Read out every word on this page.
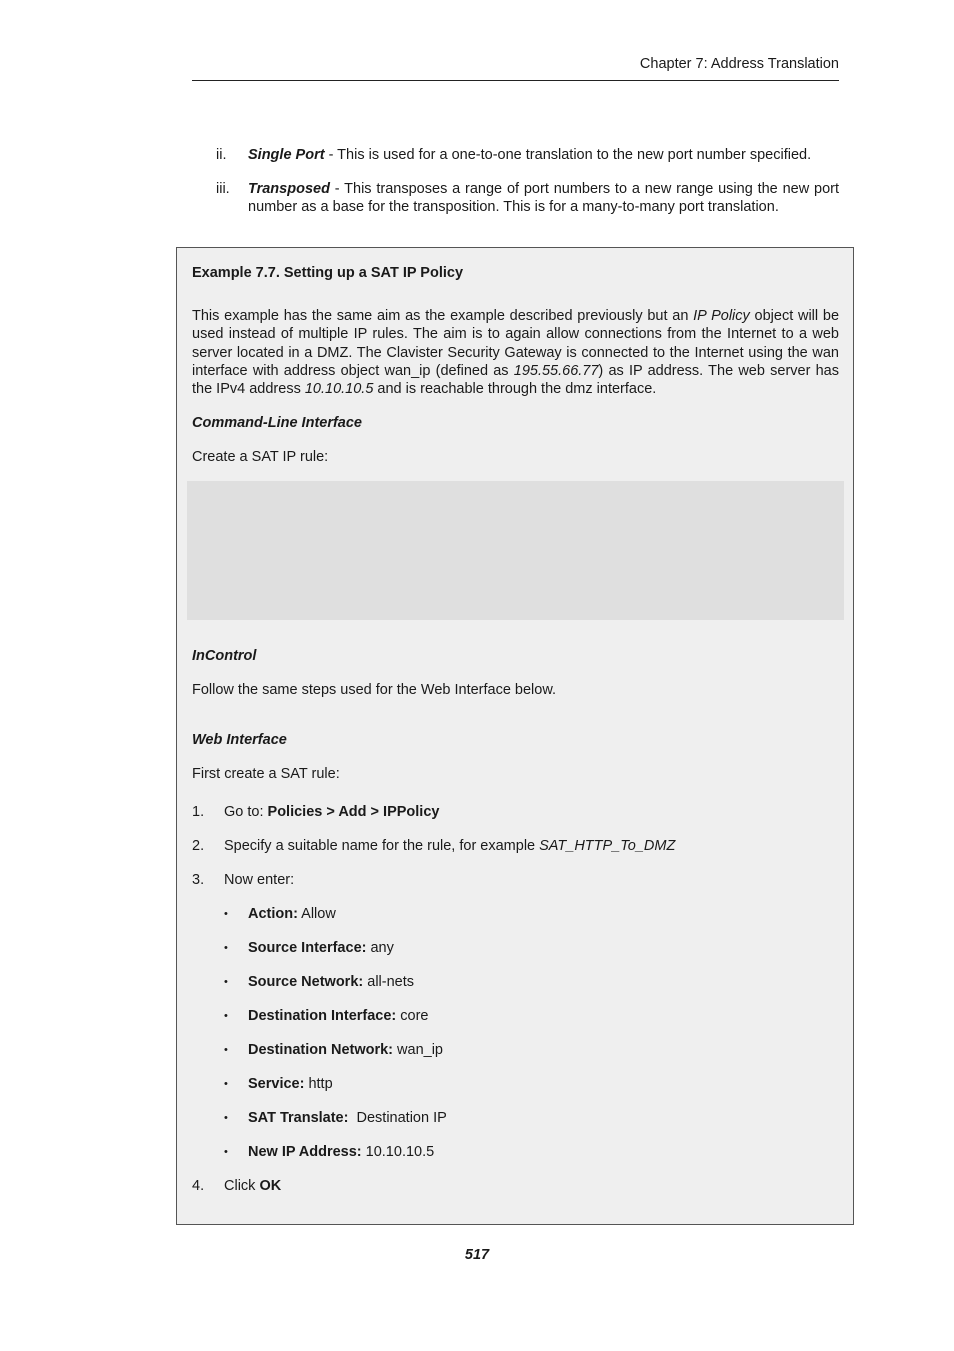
Chapter 7: Address Translation
ii. Single Port - This is used for a one-to-one translation to the new port number specified.
iii. Transposed - This transposes a range of port numbers to a new range using the new port number as a base for the transposition. This is for a many-to-many port translation.
Example 7.7. Setting up a SAT IP Policy
This example has the same aim as the example described previously but an IP Policy object will be used instead of multiple IP rules. The aim is to again allow connections from the Internet to a web server located in a DMZ. The Clavister Security Gateway is connected to the Internet using the wan interface with address object wan_ip (defined as 195.55.66.77) as IP address. The web server has the IPv4 address 10.10.10.5 and is reachable through the dmz interface.
Command-Line Interface
Create a SAT IP rule:
InControl
Follow the same steps used for the Web Interface below.
Web Interface
First create a SAT rule:
1. Go to: Policies > Add > IPPolicy
2. Specify a suitable name for the rule, for example SAT_HTTP_To_DMZ
3. Now enter:
• Action: Allow
• Source Interface: any
• Source Network: all-nets
• Destination Interface: core
• Destination Network: wan_ip
• Service: http
• SAT Translate:  Destination IP
• New IP Address: 10.10.10.5
4. Click OK
517
